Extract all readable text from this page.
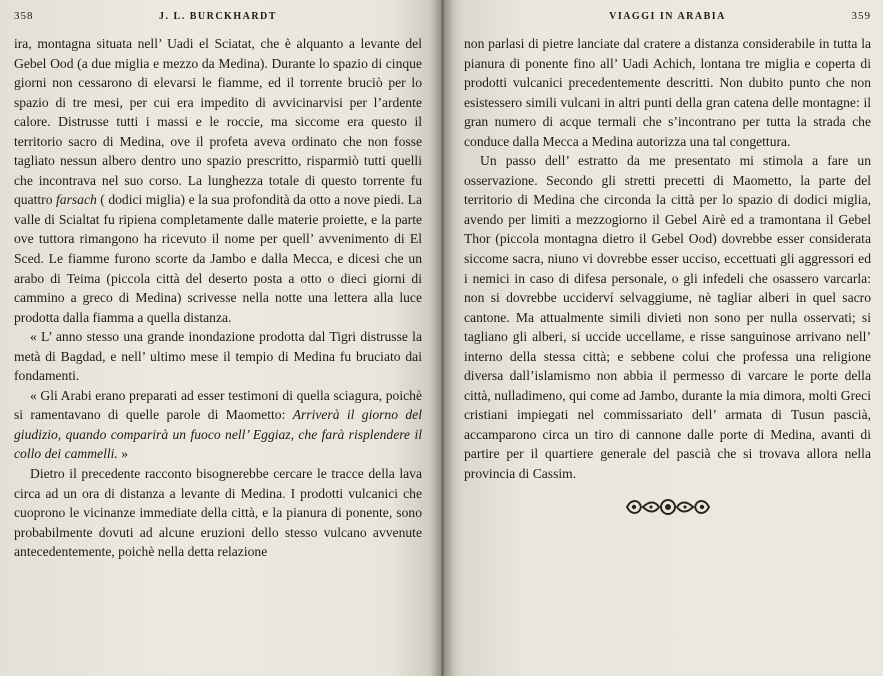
358	J. L. BURCKHARDT

ira, montagna situata nell’ Uadi el Sciatat, che è alquanto a levante del Gebel Ood (a due miglia e mezzo da Medina). Durante lo spazio di cinque giorni non cessarono di elevarsi le fiamme, ed il torrente bruciò per lo spazio di tre mesi, per cui era impedito di avvicinarvisi per l’ardente calore. Distrusse tutti i massi e le roccie, ma siccome era questo il territorio sacro di Medina, ove il profeta aveva ordinato che non fosse tagliato nessun albero dentro uno spazio prescritto, risparmiò tutti quelli che incontrava nel suo corso. La lunghezza totale di questo torrente fu quattro farsach ( dodici miglia) e la sua profondità da otto a nove piedi. La valle di Scialtat fu ripiena completamente dalle materie proiette, e la parte ove tuttora rimangono ha ricevuto il nome per quell’ avvenimento di El Sced. Le fiamme furono scorte da Jambo e dalla Mecca, e dicesi che un arabo di Teima (piccola città del deserto posta a otto o dieci giorni di cammino a greco di Medina) scrivesse nella notte una lettera alla luce prodotta dalla fiamma a quella distanza.

« L’ anno stesso una grande inondazione prodotta dal Tigri distrusse la metà di Bagdad, e nell’ ultimo mese il tempio di Medina fu bruciato dai fondamenti.

« Gli Arabi erano preparati ad esser testimoni di quella sciagura, poichè si ramentavano di quelle parole di Maometto: Arriverà il giorno del giudizio, quando comparirà un fuoco nell’ Eggiaz, che farà risplendere il collo dei cammelli. »

Dietro il precedente racconto bisognerebbe cercare le tracce della lava circa ad un ora di distanza a levante di Medina. I prodotti vulcanici che cuoprono le vicinanze immediate della città, e la pianura di ponente, sono probabilmente dovuti ad alcune eruzioni dello stesso vulcano avvenute antecedentemente, poichè nella detta relazione

VIAGGI IN ARABIA	359

non parlasi di pietre lanciate dal cratere a distanza considerabile in tutta la pianura di ponente fino all’ Uadi Achich, lontana tre miglia e coperta di prodotti vulcanici precedentemente descritti. Non dubito punto che non esistessero simili vulcani in altri punti della gran catena delle montagne: il gran numero di acque termali che s’incontrano per tutta la strada che conduce dalla Mecca a Medina autorizza una tal congettura.

Un passo dell’ estratto da me presentato mi stimola a fare un osservazione. Secondo gli stretti precetti di Maometto, la parte del territorio di Medina che circonda la città per lo spazio di dodici miglia, avendo per limiti a mezzogiorno il Gebel Airè ed a tramontana il Gebel Thor (piccola montagna dietro il Gebel Ood) dovrebbe esser considerata siccome sacra, niuno vi dovrebbe esser ucciso, eccettuati gli aggressori ed i nemici in caso di difesa personale, o gli infedeli che osassero varcarla: non si dovrebbe ucciderví selvaggiume, nè tagliar alberi in quel sacro cantone. Ma attualmente simili divieti non sono per nulla osservati; si tagliano gli alberi, si uccide uccellame, e risse sanguinose arrivano nell’ interno della stessa città; e sebbene colui che professa una religione diversa dall’islamismo non abbia il permesso di varcare le porte della città, nulladimeno, qui come ad Jambo, durante la mia dimora, molti Greci cristiani impiegati nel commissariato dell’ armata di Tusun pascià, accamparono circa un tiro di cannone dalle porte di Medina, avanti di partire per il quartiere generale del pascià che si trovava allora nella provincia di Cassim.
